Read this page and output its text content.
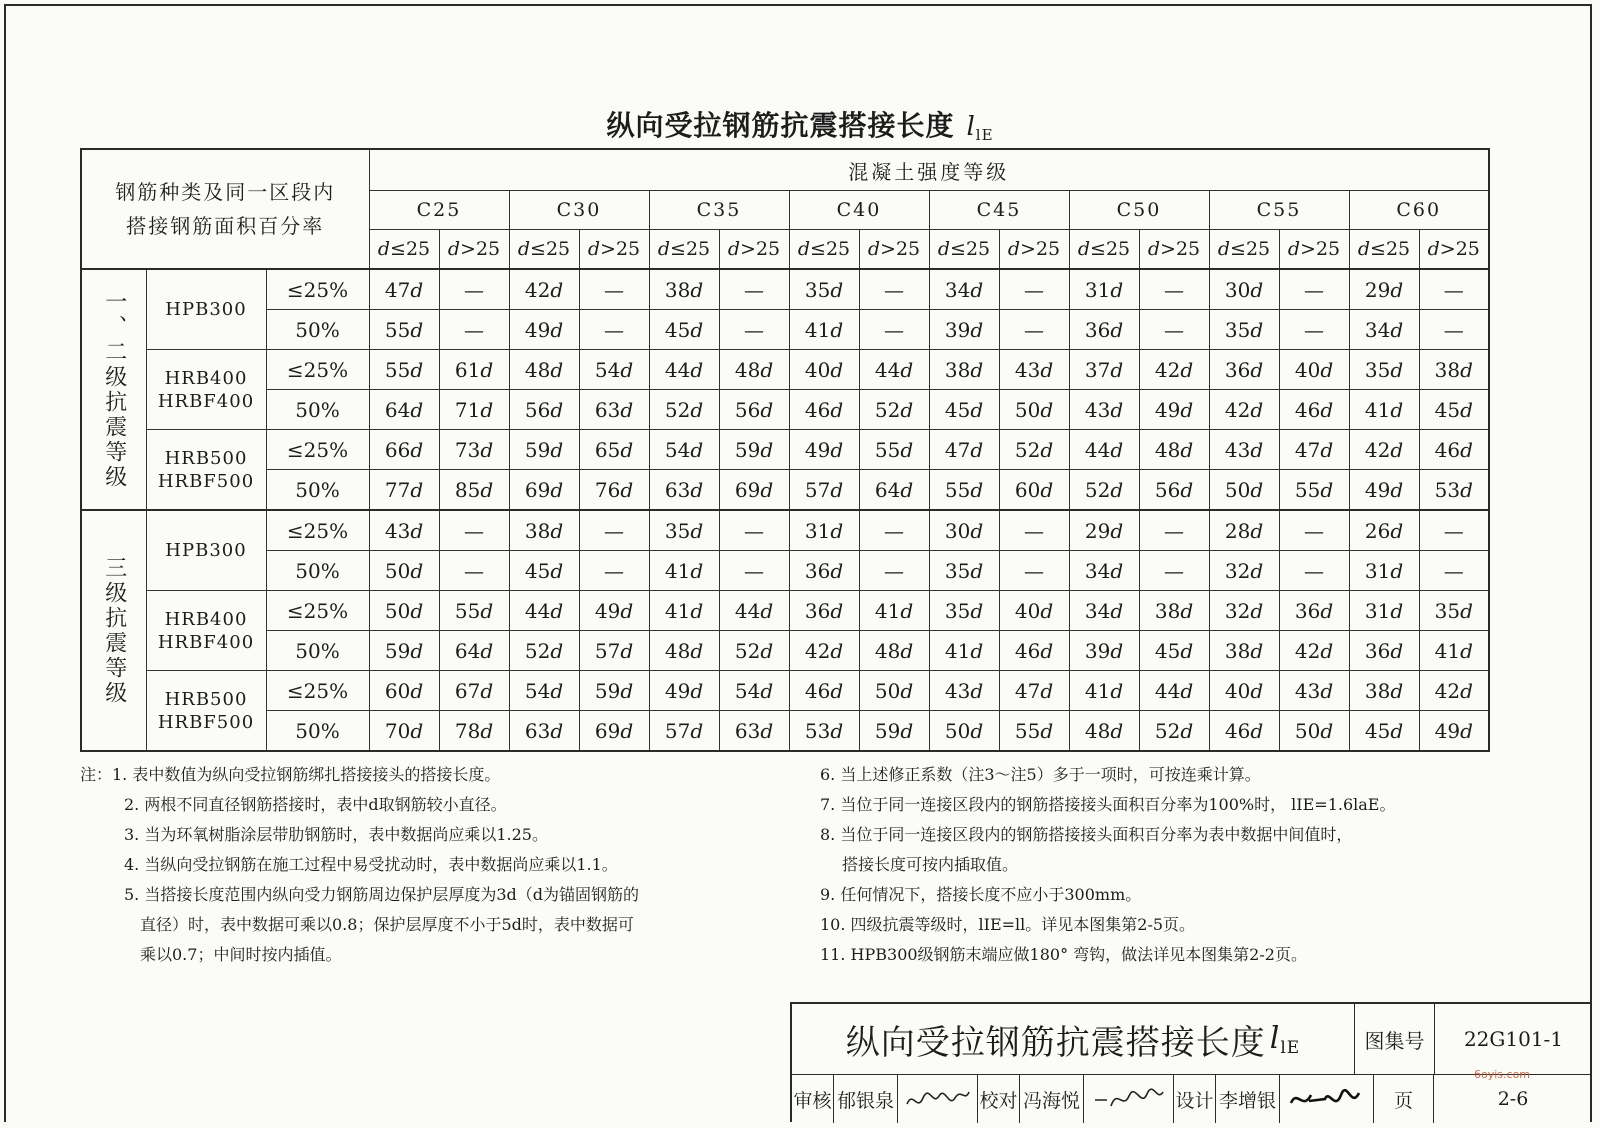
纵向受拉钢筋抗震搭接长度 $l_{lE}$
钢筋种类及同一区段内
搭接钢筋面积百分率			混凝土强度等级															
			C25		C30		C35		C40		C45		C50		C55		C60	
			d≤25	d>25	d≤25	d>25	d≤25	d>25	d≤25	d>25	d≤25	d>25	d≤25	d>25	d≤25	d>25	d≤25	d>25

一、二级抗震等级	HPB300	≤25%	47d	—	42d	—	38d	—	35d	—	34d	—	31d	—	30d	—	29d	—
		50%	55d	—	49d	—	45d	—	41d	—	39d	—	36d	—	35d	—	34d	—

	HRB400
HRBF400	≤25%	55d	61d	48d	54d	44d	48d	40d	44d	38d	43d	37d	42d	36d	40d	35d	38d
		50%	64d	71d	56d	63d	52d	56d	46d	52d	45d	50d	43d	49d	42d	46d	41d	45d

	HRB500
HRBF500	≤25%	66d	73d	59d	65d	54d	59d	49d	55d	47d	52d	44d	48d	43d	47d	42d	46d
		50%	77d	85d	69d	76d	63d	69d	57d	64d	55d	60d	52d	56d	50d	55d	49d	53d

三级抗震等级	HPB300	≤25%	43d	—	38d	—	35d	—	31d	—	30d	—	29d	—	28d	—	26d	—
		50%	50d	—	45d	—	41d	—	36d	—	35d	—	34d	—	32d	—	31d	—

	HRB400
HRBF400	≤25%	50d	55d	44d	49d	41d	44d	36d	41d	35d	40d	34d	38d	32d	36d	31d	35d
		50%	59d	64d	52d	57d	48d	52d	42d	48d	41d	46d	39d	45d	38d	42d	36d	41d

	HRB500
HRBF500	≤25%	60d	67d	54d	59d	49d	54d	46d	50d	43d	47d	41d	44d	40d	43d	38d	42d
		50%	70d	78d	63d	69d	57d	63d	53d	59d	50d	55d	48d	52d	46d	50d	45d	49d
注：1. 表中数值为纵向受拉钢筋绑扎搭接接头的搭接长度。
2. 两根不同直径钢筋搭接时，表中d取钢筋较小直径。
3. 当为环氧树脂涂层带肋钢筋时，表中数据尚应乘以1.25。
4. 当纵向受拉钢筋在施工过程中易受扰动时，表中数据尚应乘以1.1。
5. 当搭接长度范围内纵向受力钢筋周边保护层厚度为3d（d为锚固钢筋的
直径）时，表中数据可乘以0.8；保护层厚度不小于5d时，表中数据可
乘以0.7；中间时按内插值。
6. 当上述修正系数（注3～注5）多于一项时，可按连乘计算。
7. 当位于同一连接区段内的钢筋搭接接头面积百分率为100%时， lIE=1.6laE。
8. 当位于同一连接区段内的钢筋搭接接头面积百分率为表中数据中间值时，
搭接长度可按内插取值。
9. 任何情况下，搭接长度不应小于300mm。
10. 四级抗震等级时，lIE=ll。详见本图集第2-5页。
11. HPB300级钢筋末端应做180° 弯钩，做法详见本图集第2-2页。
纵向受拉钢筋抗震搭接长度 $l_{lE}$	图集号	22G101-1
审核 郁银泉	校对 冯海悦	设计 李增银	页	2-6
6oyis.com
